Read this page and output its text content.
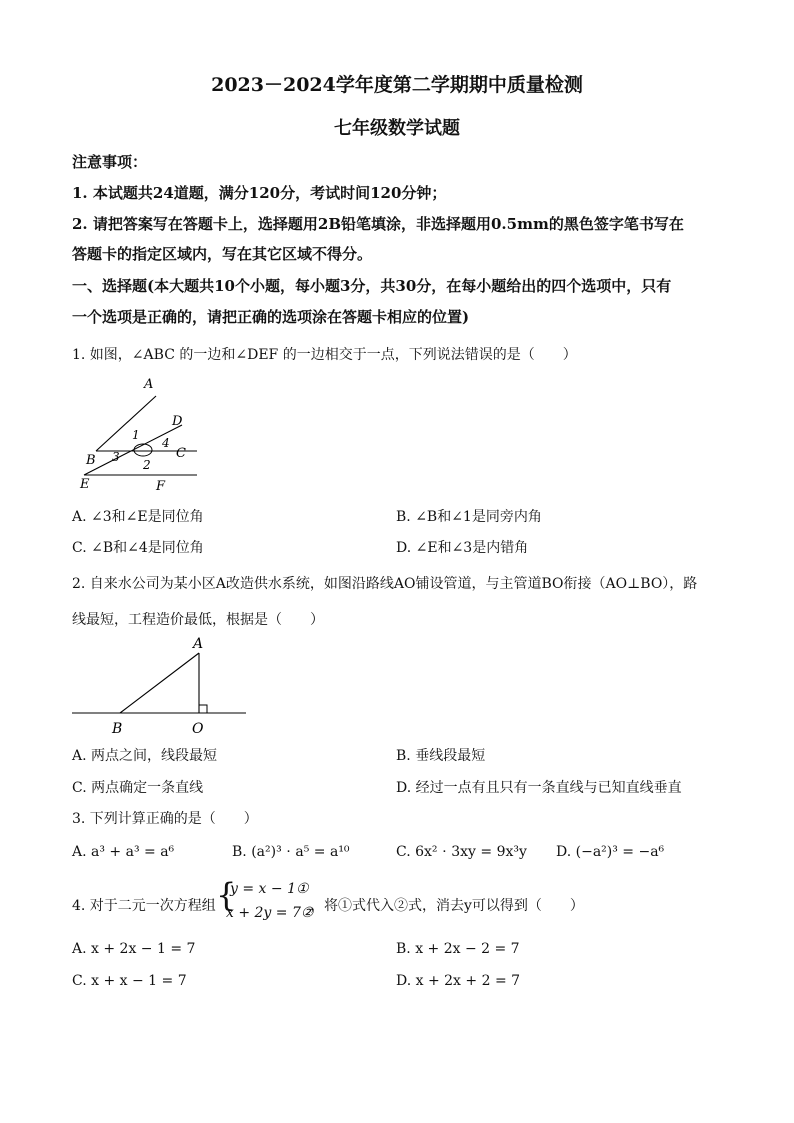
2023－2024学年度第二学期期中质量检测
七年级数学试题
注意事项：
1. 本试题共24道题，满分120分，考试时间120分钟；
2. 请把答案写在答题卡上，选择题用2B铅笔填涂，非选择题用0.5mm的黑色签字笔书写在
答题卡的指定区域内，写在其它区域不得分。
一、选择题(本大题共10个小题，每小题3分，共30分，在每小题给出的四个选项中，只有
一个选项是正确的，请把正确的选项涂在答题卡相应的位置)
1. 如图，∠ABC 的一边和∠DEF 的一边相交于一点，下列说法错误的是（　　）
A
D
1
4
B 3	C
2
E	F
A. ∠3和∠E是同位角	B. ∠B和∠1是同旁内角
C. ∠B和∠4是同位角	D. ∠E和∠3是内错角
2. 自来水公司为某小区A改造供水系统，如图沿路线AO铺设管道，与主管道BO衔接（AO⊥BO），路
线最短，工程造价最低，根据是（　　）
A
B	O
A. 两点之间，线段最短	B. 垂线段最短
C. 两点确定一条直线	D. 经过一点有且只有一条直线与已知直线垂直
3. 下列计算正确的是（　　）
A. a³ + a³ = a⁶	B. (a²)³ ⋅ a⁵ = a¹⁰	C. 6x² ⋅ 3xy = 9x³y D. (−a²)³ = −a⁶
4. 对于二元一次方程组 {
y = x − 1①
x + 2y = 7②
，将①式代入②式，消去y可以得到（　　）
A. x + 2x − 1 = 7	B. x + 2x − 2 = 7
C. x + x − 1 = 7	D. x + 2x + 2 = 7
